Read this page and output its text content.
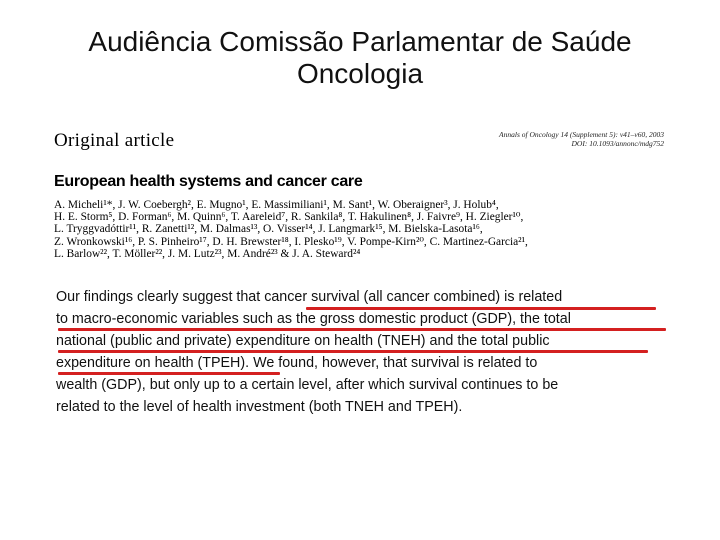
Audiência Comissão Parlamentar de Saúde
Oncologia
Original article	Annals of Oncology 14 (Supplement 5): v41–v60, 2003
DOI: 10.1093/annonc/mdg752
European health systems and cancer care
A. Micheli¹*, J. W. Coebergh², E. Mugno¹, E. Massimiliani¹, M. Sant¹, W. Oberaigner³, J. Holub⁴,
H. E. Storm⁵, D. Forman⁶, M. Quinn⁶, T. Aareleid⁷, R. Sankila⁸, T. Hakulinen⁸, J. Faivre⁹, H. Ziegler¹⁰,
L. Tryggvadóttir¹¹, R. Zanetti¹², M. Dalmas¹³, O. Visser¹⁴, J. Langmark¹⁵, M. Bielska-Lasota¹⁶,
Z. Wronkowski¹⁶, P. S. Pinheiro¹⁷, D. H. Brewster¹⁸, I. Plesko¹⁹, V. Pompe-Kirn²⁰, C. Martinez-Garcia²¹,
L. Barlow²², T. Möller²², J. M. Lutz²³, M. André²³ & J. A. Steward²⁴
Our findings clearly suggest that cancer survival (all cancer combined) is related
to macro-economic variables such as the gross domestic product (GDP), the total
national (public and private) expenditure on health (TNEH) and the total public
expenditure on health (TPEH). We found, however, that survival is related to
wealth (GDP), but only up to a certain level, after which survival continues to be
related to the level of health investment (both TNEH and TPEH).
